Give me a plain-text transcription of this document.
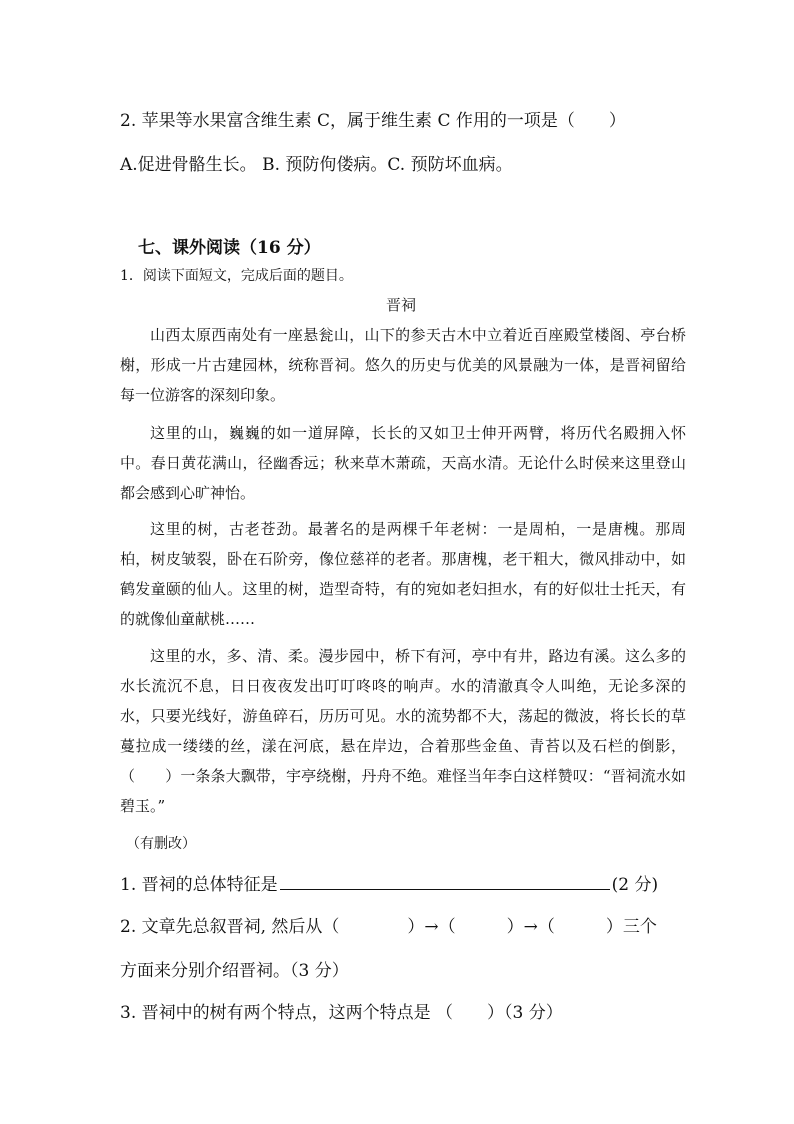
2. 苹果等水果富含维生素 C，属于维生素 C 作用的一项是（　　）
A.促进骨骼生长。 B. 预防佝偻病。C. 预防坏血病。
七、课外阅读（16 分）
1．阅读下面短文，完成后面的题目。
晋祠
山西太原西南处有一座悬瓮山，山下的参天古木中立着近百座殿堂楼阁、亭台桥榭，形成一片古建园林，统称晋祠。悠久的历史与优美的风景融为一体，是晋祠留给每一位游客的深刻印象。
这里的山，巍巍的如一道屏障，长长的又如卫士伸开两臂，将历代名殿拥入怀中。春日黄花满山，径幽香远；秋来草木萧疏，天高水清。无论什么时侯来这里登山都会感到心旷神怡。
这里的树，古老苍劲。最著名的是两棵千年老树：一是周柏，一是唐槐。那周柏，树皮皱裂，卧在石阶旁，像位慈祥的老者。那唐槐，老干粗大，微风排动中，如鹤发童颐的仙人。这里的树，造型奇特，有的宛如老妇担水，有的好似壮士托天，有的就像仙童献桃……
这里的水，多、清、柔。漫步园中，桥下有河，亭中有井，路边有溪。这么多的水长流沉不息，日日夜夜发出叮叮咚咚的响声。水的清澈真令人叫绝，无论多深的水，只要光线好，游鱼碎石，历历可见。水的流势都不大，荡起的微波，将长长的草蔓拉成一缕缕的丝，漾在河底，悬在岸边，合着那些金鱼、青苔以及石栏的倒影，（　　）一条条大飘带，宇亭绕榭，丹舟不绝。难怪当年李白这样赞叹：“晋祠流水如碧玉。”
（有删改）
1. 晋祠的总体特征是	(2 分)
2. 文章先总叙晋祠, 然后从（　　　　）→（　　　）→（　　　）三个
方面来分别介绍晋祠。（3 分）
3. 晋祠中的树有两个特点，这两个特点是 （　　）（3 分）
